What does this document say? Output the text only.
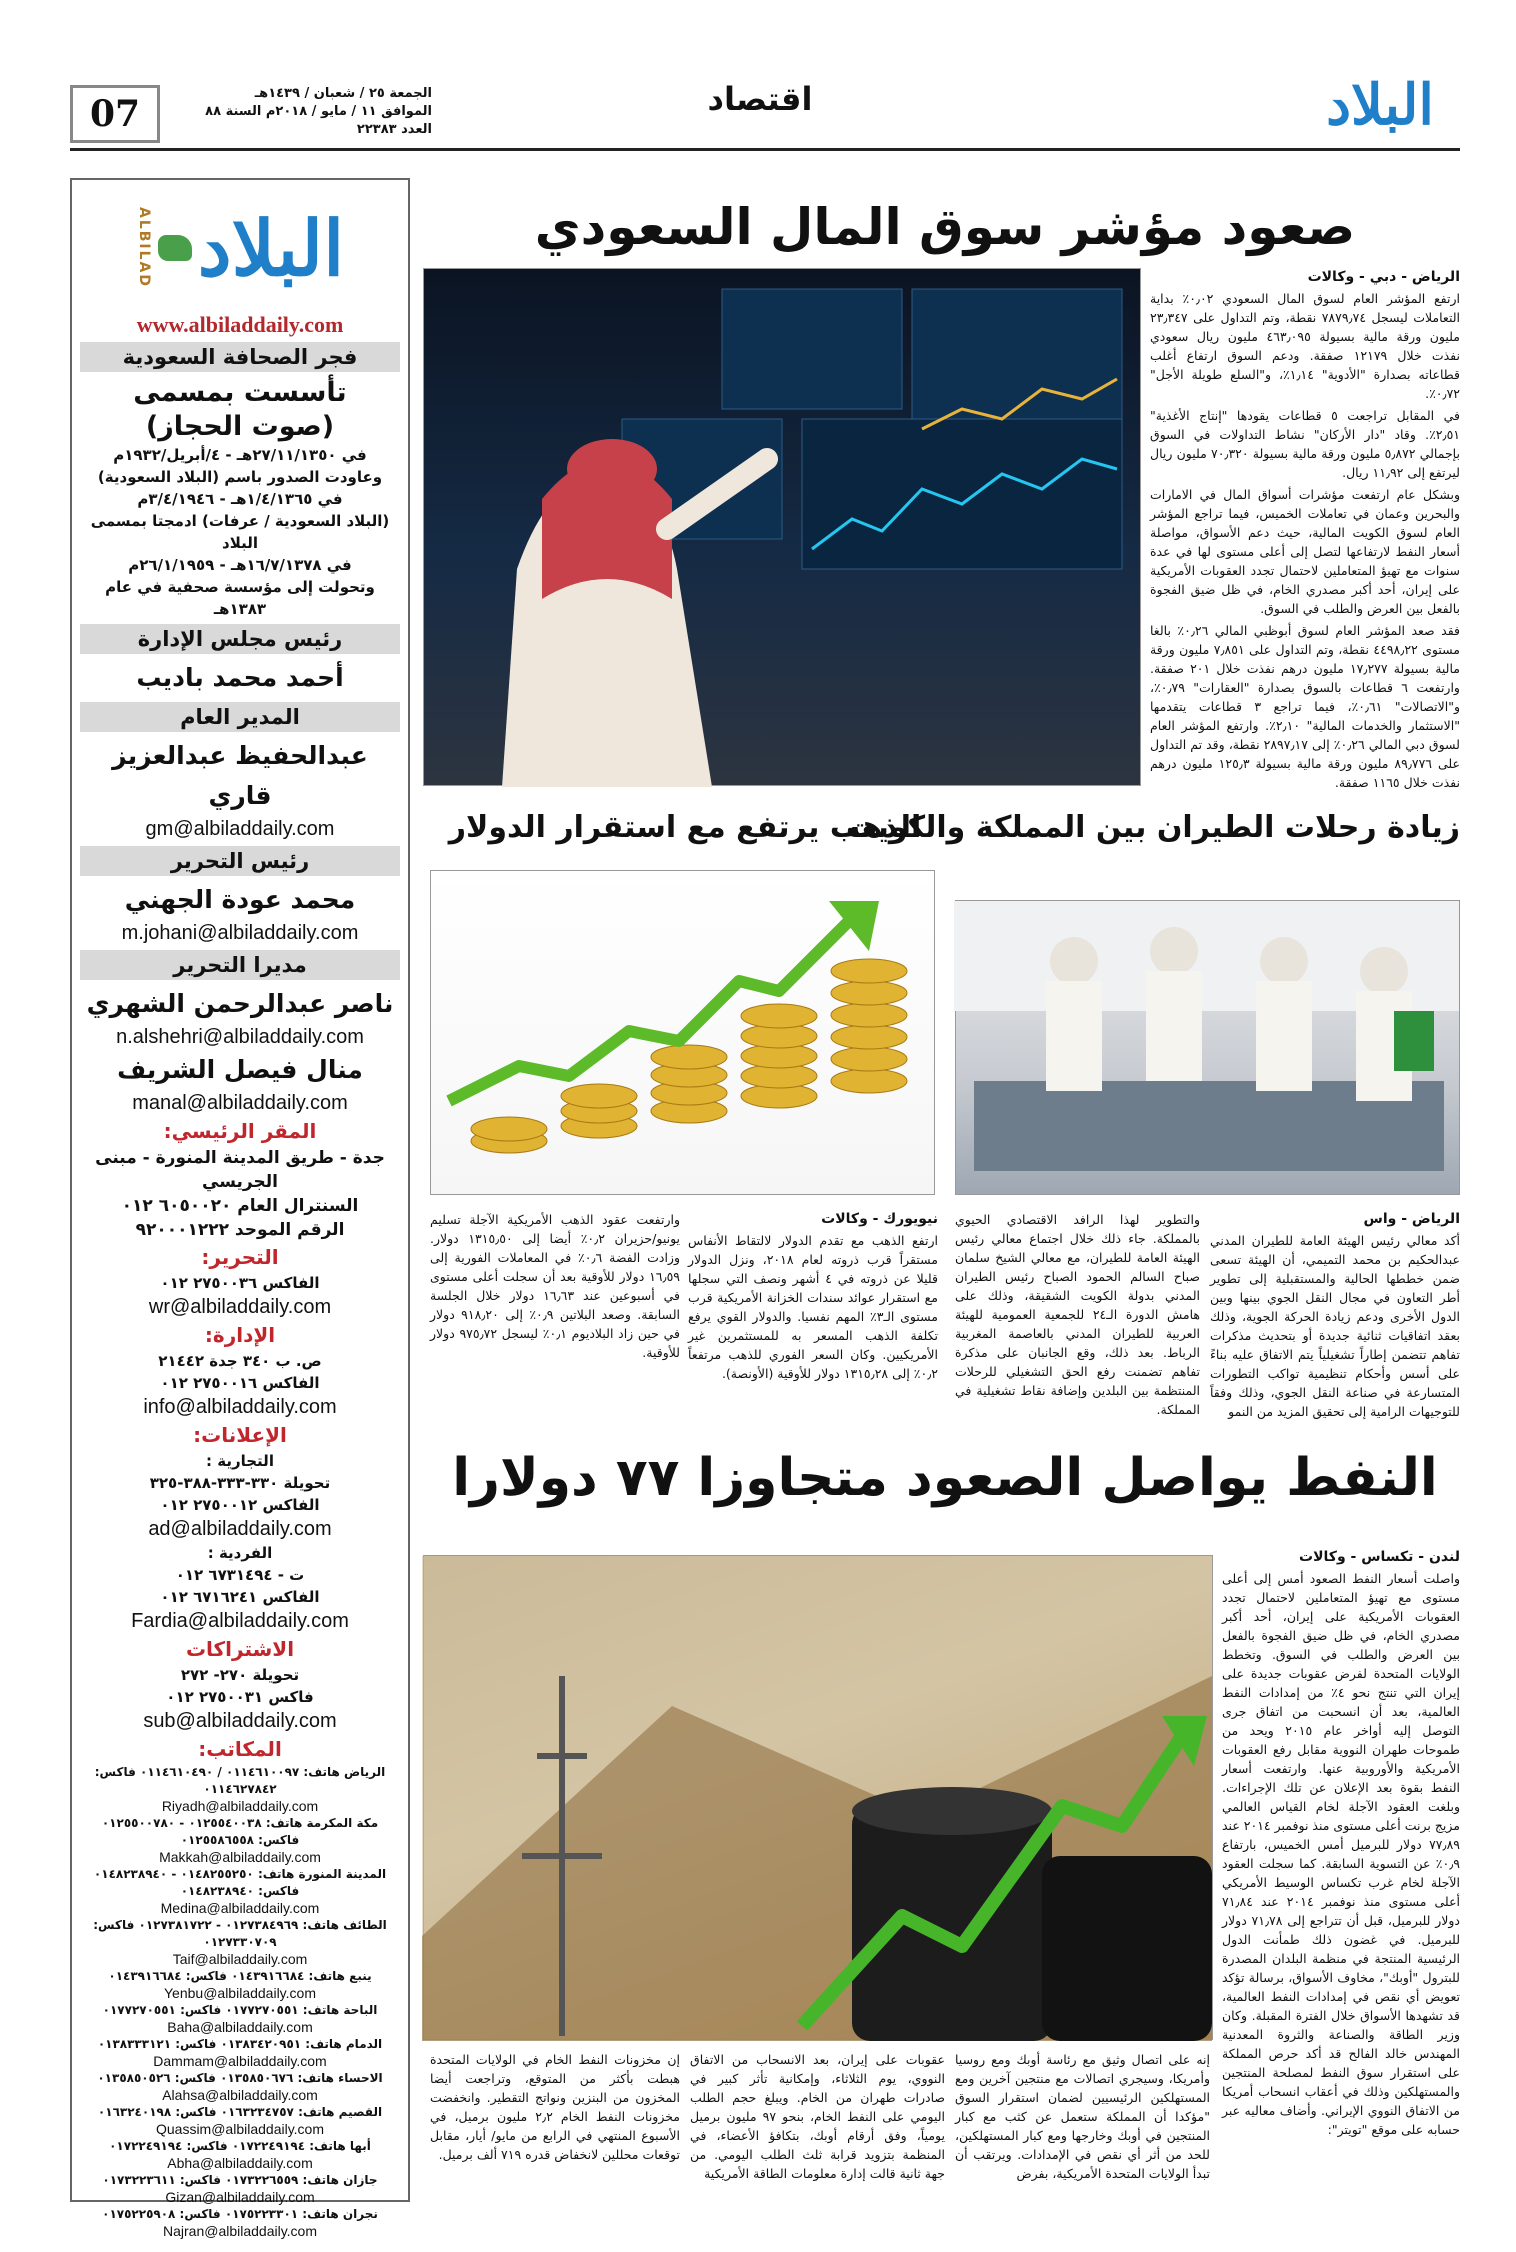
البلاد
اقتصاد
الجمعة ٢٥ / شعبان / ١٤٣٩هـ
الموافق ١١ / مايو / ٢٠١٨م السنة ٨٨ العدد ٢٢٣٨٣
07
البلاد
ALBILAD
www.albiladdaily.com
فجر الصحافة السعودية
تأسست بمسمى
(صوت الحجاز)
في ٢٧/١١/١٣٥٠هـ - ٤/أبريل/١٩٣٢م
وعاودت الصدور باسم (البلاد السعودية)
في ١/٤/١٣٦٥هـ - ٣/٤/١٩٤٦م
(البلاد السعودية / عرفات) ادمجتا بمسمى البلاد
في ١٦/٧/١٣٧٨هـ - ٢٦/١/١٩٥٩م
وتحولت إلى مؤسسة صحفية في عام ١٣٨٣هـ
رئيس مجلس الإدارة
أحمد محمد باديب
المدير العام
عبدالحفيظ عبدالعزيز قاري
gm@albiladdaily.com
رئيس التحرير
محمد عودة الجهني
m.johani@albiladdaily.com
مديرا التحرير
ناصر عبدالرحمن الشهري
n.alshehri@albiladdaily.com
منال فيصل الشريف
manal@albiladdaily.com
المقر الرئيسي:
جدة - طريق المدينة المنورة - مبنى الجريسي
السنترال العام ٦٠٥٠٠٢٠ ٠١٢
الرقم الموحد ٩٢٠٠٠١٢٢٢
التحرير:
الفاكس ٢٧٥٠٠٣٦ ٠١٢
wr@albiladdaily.com
الإدارة:
ص. ب ٣٤٠ جدة ٢١٤٤٢
الفاكس ٢٧٥٠٠١٦ ٠١٢
info@albiladdaily.com
الإعلانات:
التجارية :
تحويلة ٣٣٠-٣٣٣-٣٨٨-٣٢٥
الفاكس ٢٧٥٠٠١٢ ٠١٢
ad@albiladdaily.com
الفردية :
ت - ٦٧٣١٤٩٤ ٠١٢
الفاكس ٦٧١٦٢٤١ ٠١٢
Fardia@albiladdaily.com
الاشتراكات
تحويلة ٢٧٠- ٢٧٢
فاكس ٢٧٥٠٠٣١ ٠١٢
sub@albiladdaily.com
المكاتب:
الرياض هاتف: ٠١١٤٦١٠٠٩٧ / ٠١١٤٦١٠٤٩٠ فاكس: ٠١١٤٦٢٧٨٤٢
Riyadh@albiladdaily.com
مكة المكرمة هاتف: ٠١٢٥٥٤٠٠٣٨ - ٠١٢٥٥٠٠٧٨٠ فاكس: ٠١٢٥٥٨٦٥٥٨
Makkah@albiladdaily.com
المدينة المنورة هاتف: ٠١٤٨٢٥٥٢٥٠ - ٠١٤٨٢٣٨٩٤٠ فاكس: ٠١٤٨٢٣٨٩٤٠
Medina@albiladdaily.com
الطائف هاتف: ٠١٢٧٣٨٤٩٦٩ - ٠١٢٧٣٨١٧٢٢ فاكس: ٠١٢٧٣٣٠٧٠٩
Taif@albiladdaily.com
ينبع هاتف: ٠١٤٣٩١٦٦٨٤ فاكس: ٠١٤٣٩١٦٦٨٤
Yenbu@albiladdaily.com
الباحة هاتف: ٠١٧٧٢٧٠٥٥١ فاكس: ٠١٧٧٢٧٠٥٥١
Baha@albiladdaily.com
الدمام هاتف: ٠١٣٨٣٤٢٠٩٥١ فاكس: ٠١٣٨٣٣٣١٢١
Dammam@albiladdaily.com
الاحساء هاتف: ٠١٣٥٨٥٠٦٧٦ فاكس: ٠١٣٥٨٥٠٥٢٦
Alahsa@albiladdaily.com
القصيم هاتف: ٠١٦٣٢٣٤٧٥٧ فاكس: ٠١٦٣٢٤٠١٩٨
Quassim@albiladdaily.com
أبها هاتف: ٠١٧٢٢٤٩١٩٤ فاكس: ٠١٧٢٢٤٩١٩٤
Abha@albiladdaily.com
جازان هاتف: ٠١٧٣٢٢٦٥٥٩ فاكس: ٠١٧٣٢٢٣٦١١
Gizan@albiladdaily.com
نجران هاتف: ٠١٧٥٢٢٣٣٠١ فاكس: ٠١٧٥٢٢٥٩٠٨
Najran@albiladdaily.com
صعود مؤشر سوق المال السعودي
الرياض - دبي - وكالات

ارتفع المؤشر العام لسوق المال السعودي ٠٫٠٢٪ بداية التعاملات ليسجل ٧٨٧٩٫٧٤ نقطة، وتم التداول على ٢٣٫٣٤٧ مليون ورقة مالية بسيولة ٤٦٣٫٠٩٥ مليون ريال سعودي نفذت خلال ١٢١٧٩ صفقة. ودعم السوق ارتفاع أغلب قطاعاته بصدارة "الأدوية" ١٫١٤٪، و"السلع طويلة الأجل" ٠٫٧٢٪.

في المقابل تراجعت ٥ قطاعات يقودها "إنتاج الأغذية" ٢٫٥١٪. وقاد "دار الأركان" نشاط التداولات في السوق بإجمالي ٥٫٨٧٢ مليون ورقة مالية بسيولة ٧٠٫٣٢٠ مليون ريال ليرتفع إلى ١١٫٩٢ ريال.

وبشكل عام ارتفعت مؤشرات أسواق المال في الامارات والبحرين وعمان في تعاملات الخميس، فيما تراجع المؤشر العام لسوق الكويت المالية، حيث دعم الأسواق، مواصلة أسعار النفط لارتفاعها لتصل إلى أعلى مستوى لها في عدة سنوات مع تهيؤ المتعاملين لاحتمال تجدد العقوبات الأمريكية على إيران، أحد أكبر مصدري الخام، في ظل ضيق الفجوة بالفعل بين العرض والطلب في السوق.

فقد صعد المؤشر العام لسوق أبوظبي المالي ٠٫٢٦٪ بالغا مستوى ٤٤٩٨٫٢٢ نقطة، وتم التداول على ٧٫٨٥١ مليون ورقة مالية بسيولة ١٧٫٢٧٧ مليون درهم نفذت خلال ٢٠١ صفقة. وارتفعت ٦ قطاعات بالسوق بصدارة "العقارات" ٠٫٧٩٪، و"الاتصالات" ٠٫٦١٪، فيما تراجع ٣ قطاعات يتقدمها "الاستثمار والخدمات المالية" ٢٫١٠٪. وارتفع المؤشر العام لسوق دبي المالي ٠٫٢٦٪ إلى ٢٨٩٧٫١٧ نقطة، وقد تم التداول على ٨٩٫٧٧٦ مليون ورقة مالية بسيولة ١٢٥٫٣ مليون درهم نفذت خلال ١١٦٥ صفقة.

زيادة رحلات الطيران بين المملكة والكويت
الرياض - واس

أكد معالي رئيس الهيئة العامة للطيران المدني عبدالحكيم بن محمد التميمي، أن الهيئة تسعى ضمن خططها الحالية والمستقبلية إلى تطوير أطر التعاون في مجال النقل الجوي بينها وبين الدول الأخرى ودعم زيادة الحركة الجوية، وذلك بعقد اتفاقيات ثنائية جديدة أو بتحديث مذكرات تفاهم تتضمن إطاراً تشغيلياً يتم الاتفاق عليه بناءً على أسس وأحكام تنظيمية تواكب التطورات المتسارعة في صناعة النقل الجوي، وذلك وفقاً للتوجيهات الرامية إلى تحقيق المزيد من النمو

والتطوير لهذا الرافد الاقتصادي الحيوي بالمملكة. جاء ذلك خلال اجتماع معالي رئيس الهيئة العامة للطيران، مع معالي الشيخ سلمان صباح السالم الحمود الصباح رئيس الطيران المدني بدولة الكويت الشقيقة، وذلك على هامش الدورة الـ٢٤ للجمعية العمومية للهيئة العربية للطيران المدني بالعاصمة المغربية الرباط. بعد ذلك، وقع الجانبان على مذكرة تفاهم تضمنت رفع الحق التشغيلي للرحلات المنتظمة بين البلدين وإضافة نقاط تشغيلية في المملكة.

الذهب يرتفع مع استقرار الدولار
نيويورك - وكالات

ارتفع الذهب مع تقدم الدولار لالتقاط الأنفاس مستقراً قرب ذروته لعام ٢٠١٨، ونزل الدولار قليلا عن ذروته في ٤ أشهر ونصف التي سجلها مع استقرار عوائد سندات الخزانة الأمريكية قرب مستوى الـ٣٪ المهم نفسيا. والدولار القوي يرفع تكلفة الذهب المسعر به للمستثمرين غير الأمريكيين. وكان السعر الفوري للذهب مرتفعاً ٠٫٢٪ إلى ١٣١٥٫٢٨ دولار للأوقية (الأونصة).

وارتفعت عقود الذهب الأمريكية الآجلة تسليم يونيو/حزيران ٠٫٢٪ أيضا إلى ١٣١٥٫٥٠ دولار. وزادت الفضة ٠٫٦٪ في المعاملات الفورية إلى ١٦٫٥٩ دولار للأوقية بعد أن سجلت أعلى مستوى في أسبوعين عند ١٦٫٦٣ دولار خلال الجلسة السابقة. وصعد البلاتين ٠٫٩٪ إلى ٩١٨٫٢٠ دولار في حين زاد البلاديوم ٠٫١٪ ليسجل ٩٧٥٫٧٢ دولار للأوقية.

النفط يواصل الصعود متجاوزا ٧٧ دولارا
لندن - تكساس - وكالات

واصلت أسعار النفط الصعود أمس إلى أعلى مستوى مع تهيؤ المتعاملين لاحتمال تجدد العقوبات الأمريكية على إيران، أحد أكبر مصدري الخام، في ظل ضيق الفجوة بالفعل بين العرض والطلب في السوق. وتخطط الولايات المتحدة لفرض عقوبات جديدة على إيران التي تنتج نحو ٤٪ من إمدادات النفط العالمية، بعد أن انسحبت من اتفاق جرى التوصل إليه أواخر عام ٢٠١٥ ويحد من طموحات طهران النووية مقابل رفع العقوبات الأمريكية والأوروبية عنها. وارتفعت أسعار النفط بقوة بعد الإعلان عن تلك الإجراءات. وبلغت العقود الآجلة لخام القياس العالمي مزيج برنت أعلى مستوى منذ نوفمبر ٢٠١٤ عند ٧٧٫٨٩ دولار للبرميل أمس الخميس، بارتفاع ٠٫٩٪ عن التسوية السابقة. كما سجلت العقود الآجلة لخام غرب تكساس الوسيط الأمريكي أعلى مستوى منذ نوفمبر ٢٠١٤ عند ٧١٫٨٤ دولار للبرميل، قبل أن تتراجع إلى ٧١٫٧٨ دولار للبرميل. في غضون ذلك طمأنت الدول الرئيسية المنتجة في منظمة البلدان المصدرة للبترول "أوبك"، مخاوف الأسواق، برسالة تؤكد تعويض أي نقص في إمدادات النفط العالمية، قد تشهدها الأسواق خلال الفترة المقبلة. وكان وزير الطاقة والصناعة والثروة المعدنية المهندس خالد الفالح قد أكد حرص المملكة على استقرار سوق النفط لمصلحة المنتجين والمستهلكين وذلك في أعقاب انسحاب أمريكا من الاتفاق النووي الإيراني. وأضاف معاليه عبر حسابه على موقع "تويتر":

إنه على اتصال وثيق مع رئاسة أوبك ومع روسيا وأمريكا، وسيجري اتصالات مع منتجين آخرين ومع المستهلكين الرئيسيين لضمان استقرار السوق "مؤكدا أن المملكة ستعمل عن كثب مع كبار المنتجين في أوبك وخارجها ومع كبار المستهلكين، للحد من أثر أي نقص في الإمدادات. ويرتقب أن تبدأ الولايات المتحدة الأمريكية، بفرض

عقوبات على إيران، بعد الانسحاب من الاتفاق النووي، يوم الثلاثاء، وإمكانية تأثر كبير في صادرات طهران من الخام. ويبلغ حجم الطلب اليومي على النفط الخام، بنحو ٩٧ مليون برميل يومياً، وفق أرقام أوبك، بتكافؤ الأعضاء، في المنظمة بتزويد قرابة ثلث الطلب اليومي. من جهة ثانية قالت إدارة معلومات الطاقة الأمريكية

إن مخزونات النفط الخام في الولايات المتحدة هبطت بأكثر من المتوقع، وتراجعت أيضا المخزون من البنزين ونواتج التقطير. وانخفضت مخزونات النفط الخام ٢٫٢ مليون برميل، في الأسبوع المنتهي في الرابع من مايو/ أيار، مقابل توقعات محللين لانخفاض قدره ٧١٩ ألف برميل.
